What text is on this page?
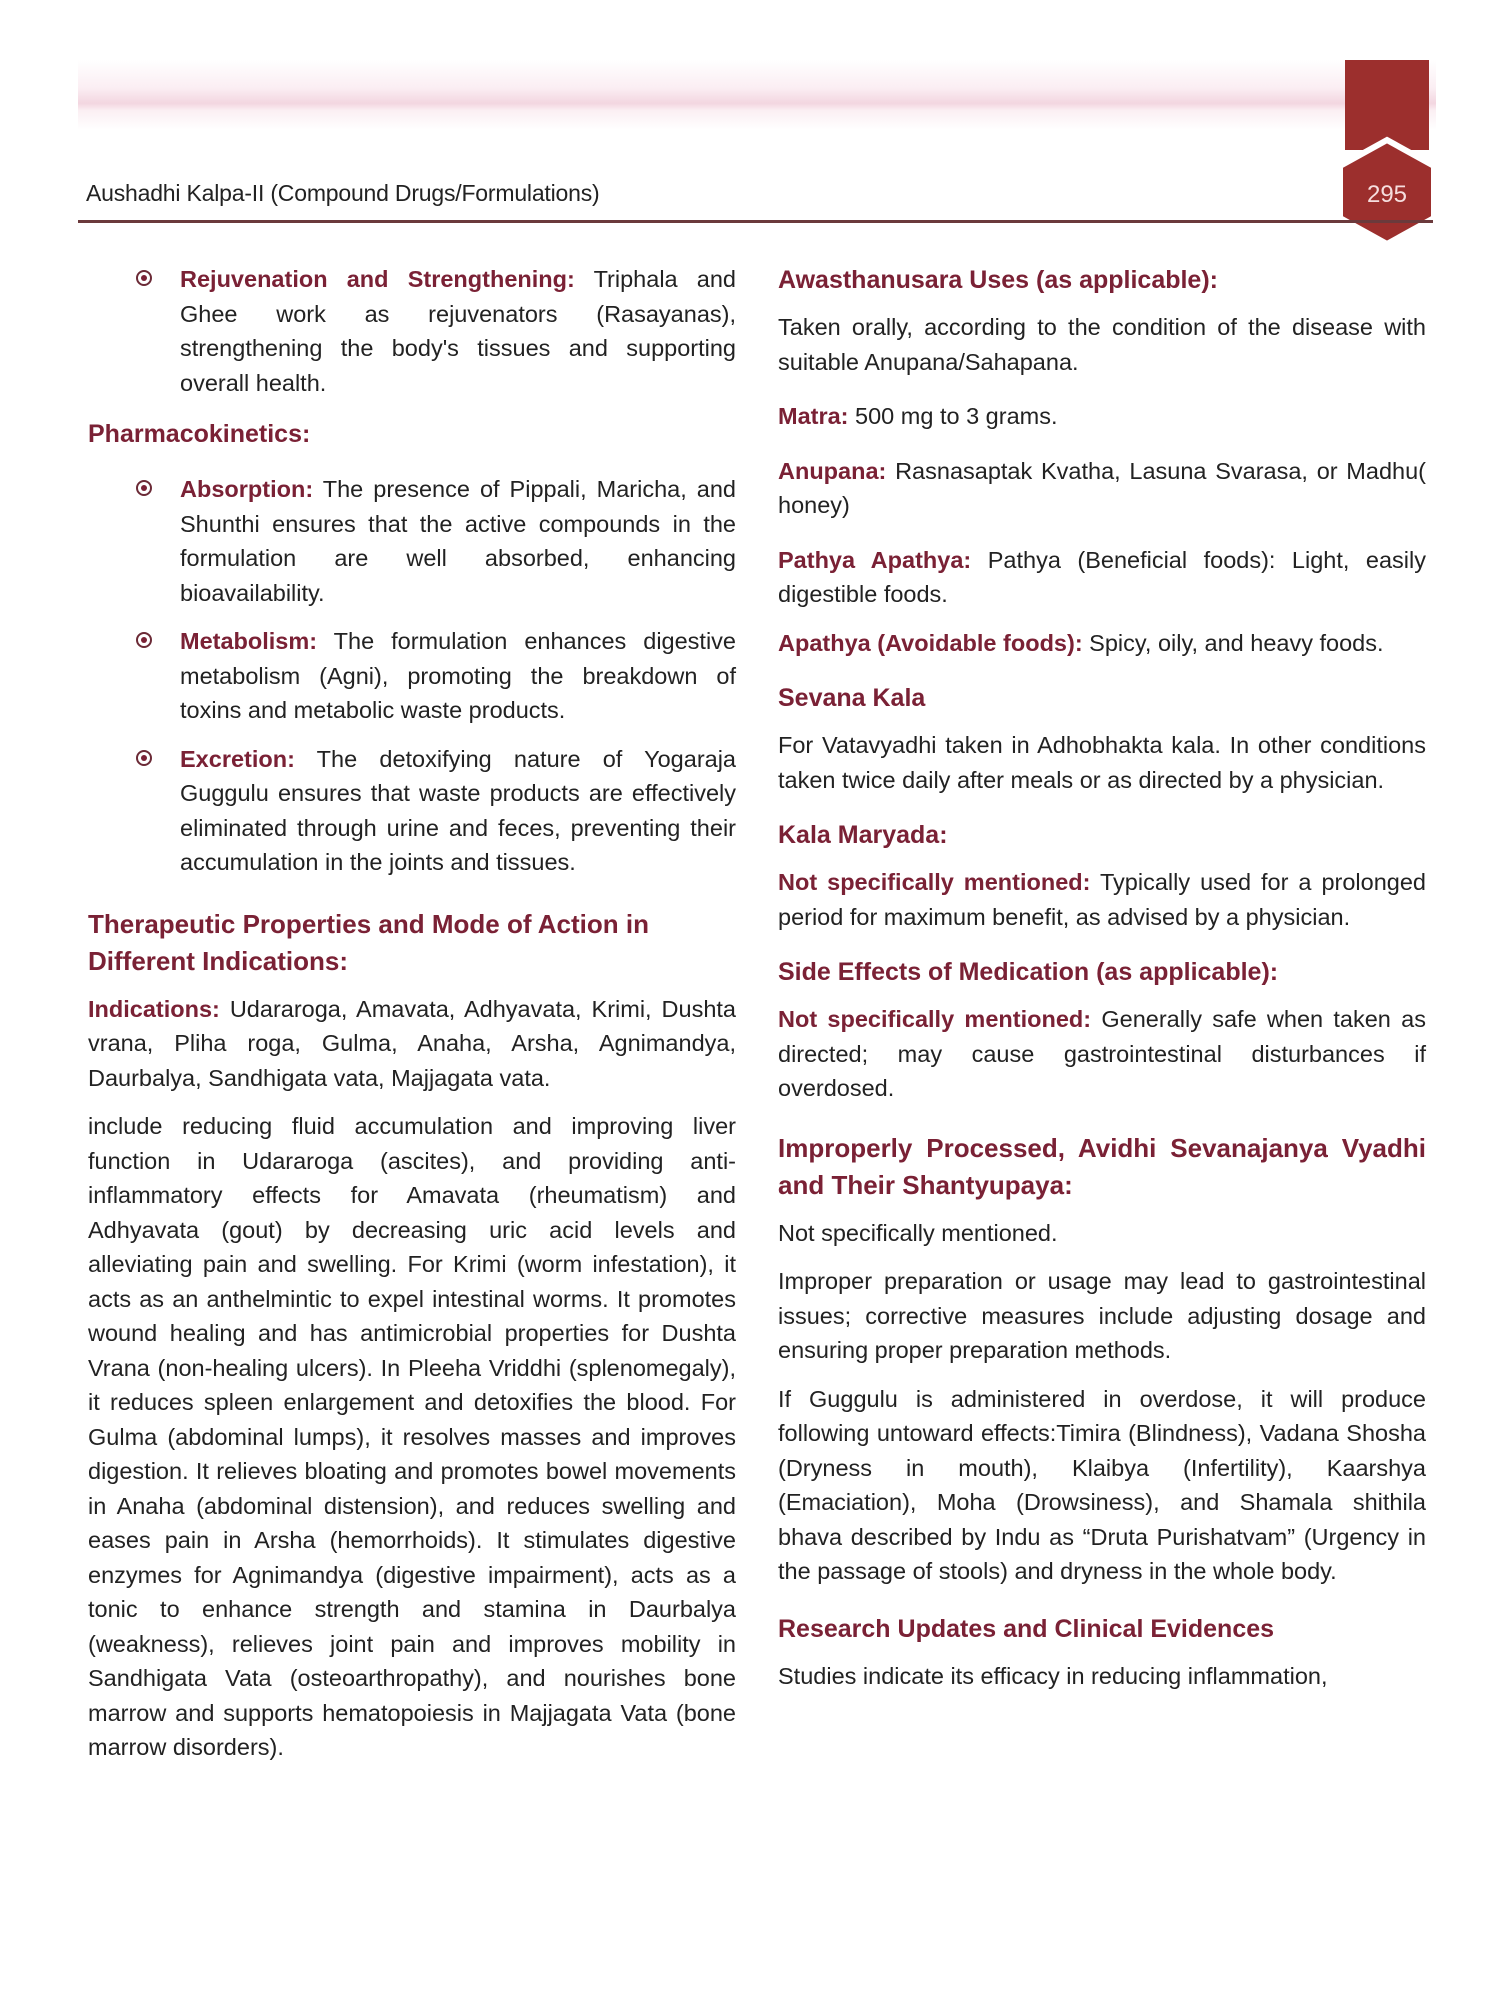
295
Aushadhi Kalpa-II (Compound Drugs/Formulations)
Rejuvenation and Strengthening: Triphala and Ghee work as rejuvenators (Rasayanas), strengthening the body's tissues and supporting overall health.
Pharmacokinetics:
Absorption: The presence of Pippali, Maricha, and Shunthi ensures that the active compounds in the formulation are well absorbed, enhancing bioavailability.
Metabolism: The formulation enhances digestive metabolism (Agni), promoting the breakdown of toxins and metabolic waste products.
Excretion: The detoxifying nature of Yogaraja Guggulu ensures that waste products are effectively eliminated through urine and feces, preventing their accumulation in the joints and tissues.
Therapeutic Properties and Mode of Action in Different Indications:

Indications: Udararoga, Amavata, Adhyavata, Krimi, Dushta vrana, Pliha roga, Gulma, Anaha, Arsha, Agnimandya, Daurbalya, Sandhigata vata, Majjagata vata.

include reducing fluid accumulation and improving liver function in Udararoga (ascites), and providing anti-inflammatory effects for Amavata (rheumatism) and Adhyavata (gout) by decreasing uric acid levels and alleviating pain and swelling. For Krimi (worm infestation), it acts as an anthelmintic to expel intestinal worms. It promotes wound healing and has antimicrobial properties for Dushta Vrana (non-healing ulcers). In Pleeha Vriddhi (splenomegaly), it reduces spleen enlargement and detoxifies the blood. For Gulma (abdominal lumps), it resolves masses and improves digestion. It relieves bloating and promotes bowel movements in Anaha (abdominal distension), and reduces swelling and eases pain in Arsha (hemorrhoids). It stimulates digestive enzymes for Agnimandya (digestive impairment), acts as a tonic to enhance strength and stamina in Daurbalya (weakness), relieves joint pain and improves mobility in Sandhigata Vata (osteoarthropathy), and nourishes bone marrow and supports hematopoiesis in Majjagata Vata (bone marrow disorders).

Awasthanusara Uses (as applicable):

Taken orally, according to the condition of the disease with suitable Anupana/Sahapana.

Matra: 500 mg to 3 grams.

Anupana: Rasnasaptak Kvatha, Lasuna Svarasa, or Madhu( honey)

Pathya Apathya: Pathya (Beneficial foods): Light, easily digestible foods.

Apathya (Avoidable foods): Spicy, oily, and heavy foods.

Sevana Kala

For Vatavyadhi taken in Adhobhakta kala. In other conditions taken twice daily after meals or as directed by a physician.

Kala Maryada:

Not specifically mentioned: Typically used for a prolonged period for maximum benefit, as advised by a physician.

Side Effects of Medication (as applicable):

Not specifically mentioned: Generally safe when taken as directed; may cause gastrointestinal disturbances if overdosed.

Improperly Processed, Avidhi Sevanajanya Vyadhi and Their Shantyupaya:

Not specifically mentioned.

Improper preparation or usage may lead to gastrointestinal issues; corrective measures include adjusting dosage and ensuring proper preparation methods.

If Guggulu is administered in overdose, it will produce following untoward effects:Timira (Blindness), Vadana Shosha (Dryness in mouth), Klaibya (Infertility), Kaarshya (Emaciation), Moha (Drowsiness), and Shamala shithila bhava described by Indu as “Druta Purishatvam” (Urgency in the passage of stools) and dryness in the whole body.

Research Updates and Clinical Evidences

Studies indicate its efficacy in reducing inflammation,
